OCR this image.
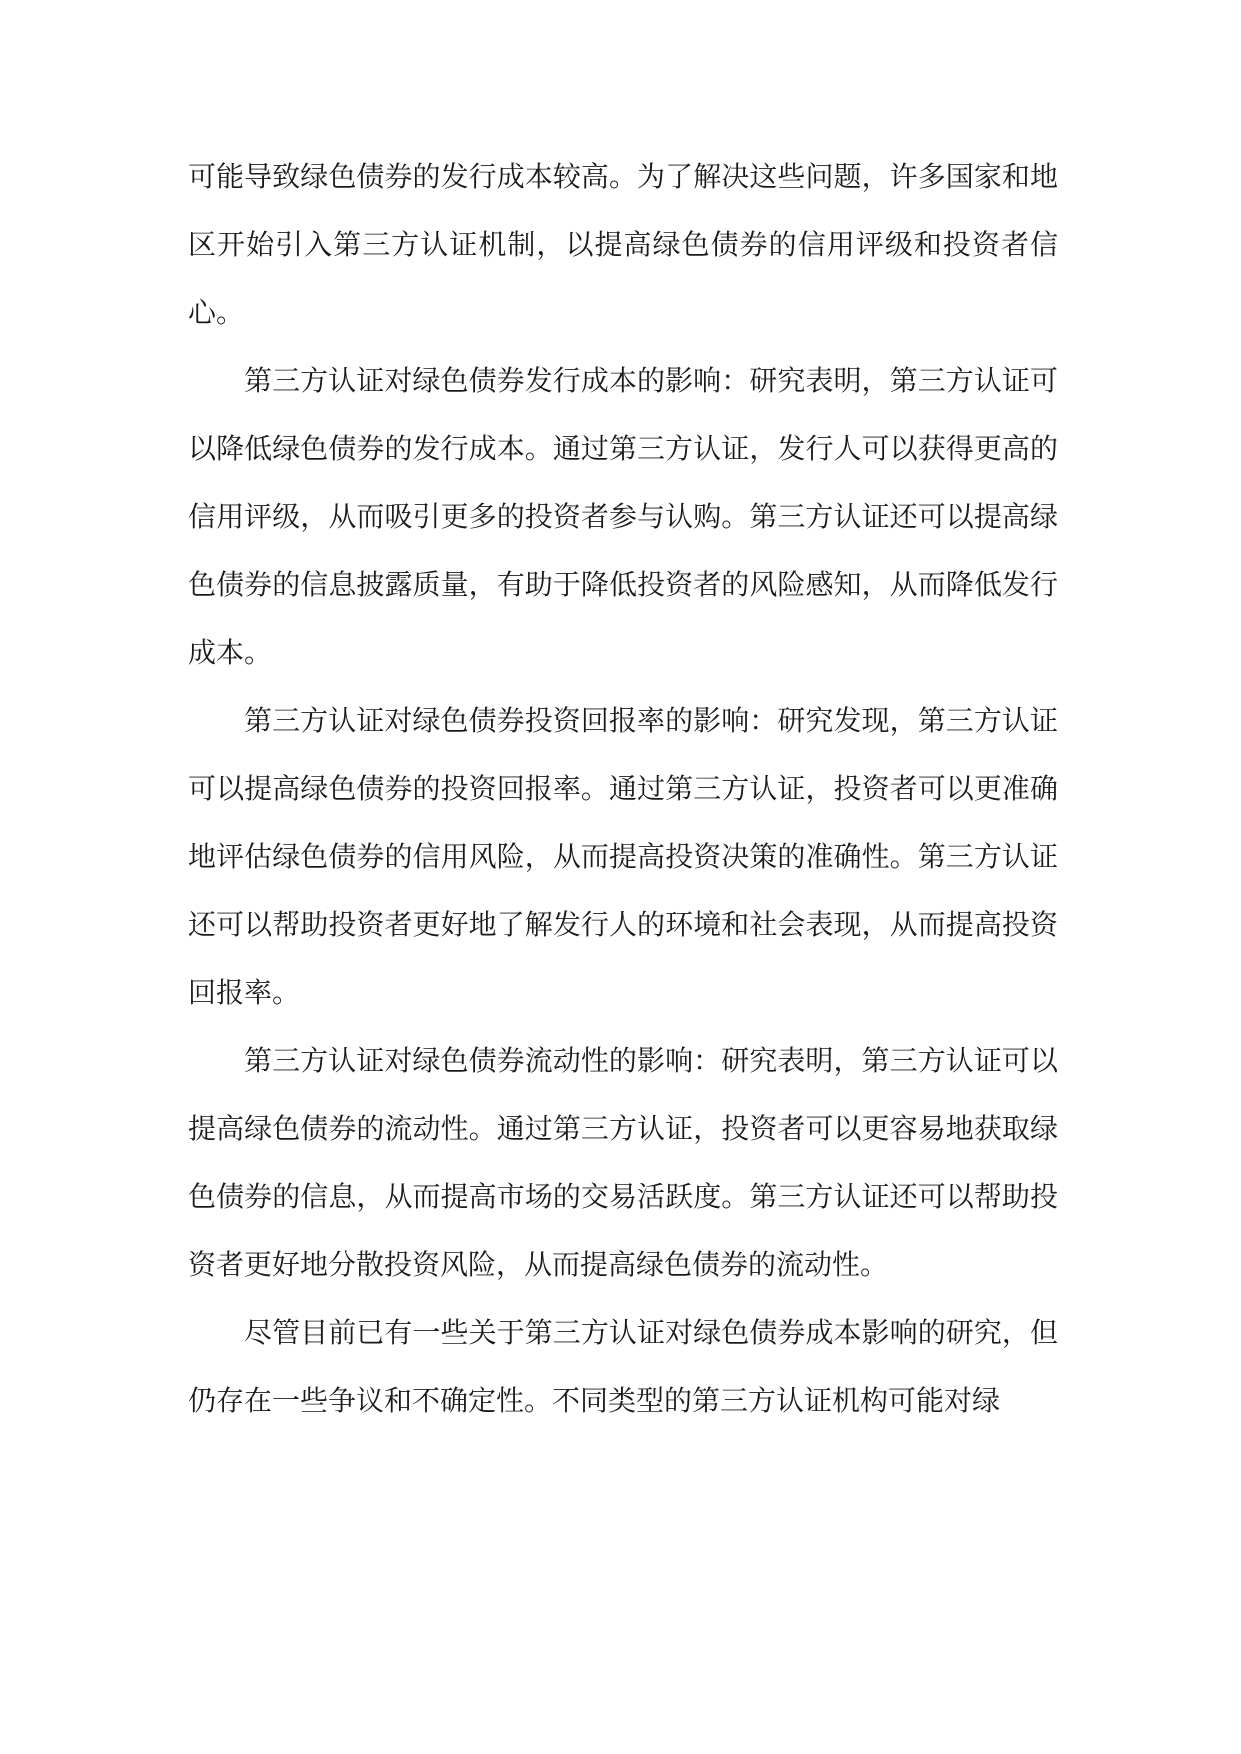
可能导致绿色债券的发行成本较高。为了解决这些问题，许多国家和地区开始引入第三方认证机制，以提高绿色债券的信用评级和投资者信心。

第三方认证对绿色债券发行成本的影响：研究表明，第三方认证可以降低绿色债券的发行成本。通过第三方认证，发行人可以获得更高的信用评级，从而吸引更多的投资者参与认购。第三方认证还可以提高绿色债券的信息披露质量，有助于降低投资者的风险感知，从而降低发行成本。

第三方认证对绿色债券投资回报率的影响：研究发现，第三方认证可以提高绿色债券的投资回报率。通过第三方认证，投资者可以更准确地评估绿色债券的信用风险，从而提高投资决策的准确性。第三方认证还可以帮助投资者更好地了解发行人的环境和社会表现，从而提高投资回报率。

第三方认证对绿色债券流动性的影响：研究表明，第三方认证可以提高绿色债券的流动性。通过第三方认证，投资者可以更容易地获取绿色债券的信息，从而提高市场的交易活跃度。第三方认证还可以帮助投资者更好地分散投资风险，从而提高绿色债券的流动性。

尽管目前已有一些关于第三方认证对绿色债券成本影响的研究，但仍存在一些争议和不确定性。不同类型的第三方认证机构可能对绿
